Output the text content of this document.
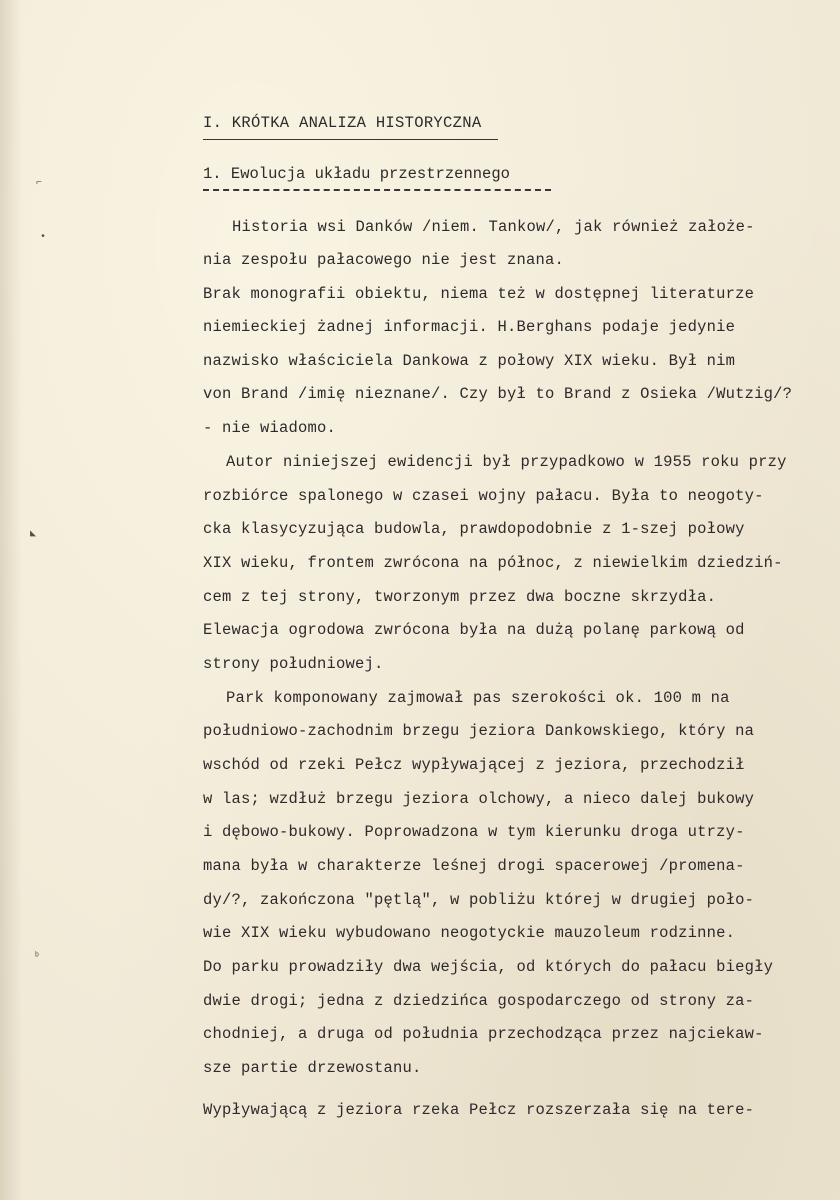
⌐
•
◣
ᵇ
I. KRÓTKA ANALIZA HISTORYCZNA
1. Ewolucja układu przestrzennego
Historia wsi Danków /niem. Tankow/, jak również założe-
nia zespołu pałacowego nie jest znana.
Brak monografii obiektu, niema też w dostępnej literaturze
niemieckiej żadnej informacji. H.Berghans podaje jedynie
nazwisko właściciela Dankowa z połowy XIX wieku. Był nim
von Brand /imię nieznane/. Czy był to Brand z Osieka /Wutzig/?
- nie wiadomo.
Autor niniejszej ewidencji był przypadkowo w 1955 roku przy
rozbiórce spalonego w czasei wojny pałacu. Była to neogoty-
cka klasycyzująca budowla, prawdopodobnie z 1-szej połowy
XIX wieku, frontem zwrócona na północ, z niewielkim dziedziń-
cem z tej strony, tworzonym przez dwa boczne skrzydła.
Elewacja ogrodowa zwrócona była na dużą polanę parkową od
strony południowej.
Park komponowany zajmował pas szerokości ok. 100 m na
południowo-zachodnim brzegu jeziora Dankowskiego, który na
wschód od rzeki Pełcz wypływającej z jeziora, przechodził
w las; wzdłuż brzegu jeziora olchowy, a nieco dalej bukowy
i dębowo-bukowy. Poprowadzona w tym kierunku droga utrzy-
mana była w charakterze leśnej drogi spacerowej /promena-
dy/?, zakończona "pętlą", w pobliżu której w drugiej poło-
wie XIX wieku wybudowano neogotyckie mauzoleum rodzinne.
Do parku prowadziły dwa wejścia, od których do pałacu biegły
dwie drogi; jedna z dziedzińca gospodarczego od strony za-
chodniej, a druga od południa przechodząca przez najciekaw-
sze partie drzewostanu.
Wypływającą z jeziora rzeka Pełcz rozszerzała się na tere-
